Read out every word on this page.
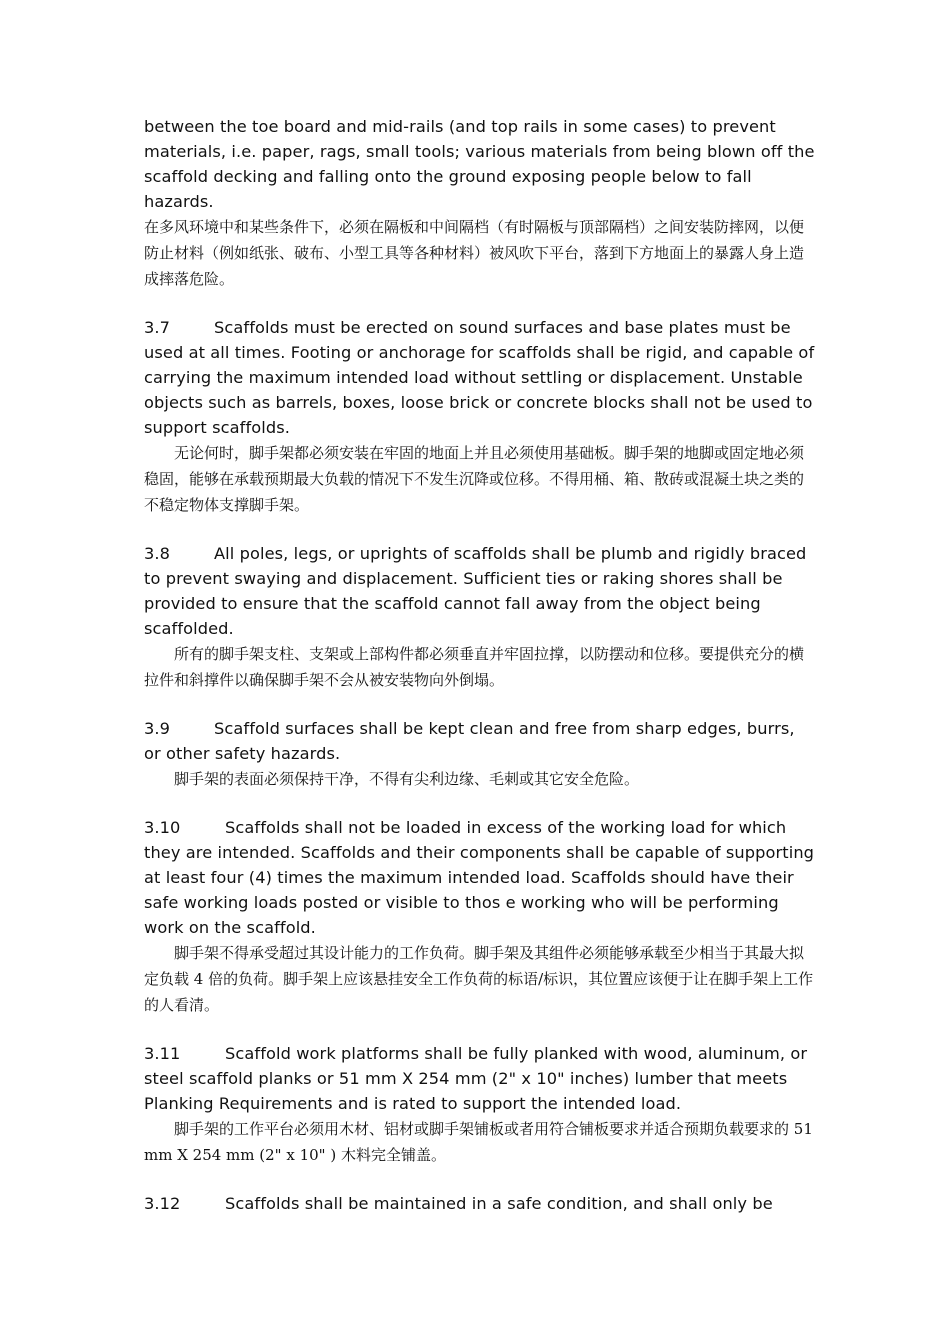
between the toe board and mid-rails (and top rails in some cases) to prevent materials, i.e. paper, rags, small tools; various materials from being blown off the scaffold decking and falling onto the ground exposing people below to fall hazards.

在多风环境中和某些条件下，必须在隔板和中间隔档（有时隔板与顶部隔档）之间安装防摔网，以便防止材料（例如纸张、破布、小型工具等各种材料）被风吹下平台，落到下方地面上的暴露人身上造成摔落危险。

3.7	Scaffolds must be erected on sound surfaces and base plates must be used at all times. Footing or anchorage for scaffolds shall be rigid, and capable of carrying the maximum intended load without settling or displacement. Unstable objects such as barrels, boxes, loose brick or concrete blocks shall not be used to support scaffolds.

无论何时，脚手架都必须安装在牢固的地面上并且必须使用基础板。脚手架的地脚或固定地必须稳固，能够在承载预期最大负载的情况下不发生沉降或位移。不得用桶、箱、散砖或混凝土块之类的不稳定物体支撑脚手架。

3.8	All poles, legs, or uprights of scaffolds shall be plumb and rigidly braced to prevent swaying and displacement. Sufficient ties or raking shores shall be provided to ensure that the scaffold cannot fall away from the object being scaffolded.

所有的脚手架支柱、支架或上部构件都必须垂直并牢固拉撑，以防摆动和位移。要提供充分的横拉件和斜撑件以确保脚手架不会从被安装物向外倒塌。

3.9	Scaffold surfaces shall be kept clean and free from sharp edges, burrs, or other safety hazards.

脚手架的表面必须保持干净，不得有尖利边缘、毛刺或其它安全危险。

3.10	Scaffolds shall not be loaded in excess of the working load for which they are intended. Scaffolds and their components shall be capable of supporting at least four (4) times the maximum intended load. Scaffolds should have their safe working loads posted or visible to thos e working who will be performing work on the scaffold.

脚手架不得承受超过其设计能力的工作负荷。脚手架及其组件必须能够承载至少相当于其最大拟定负载 4 倍的负荷。脚手架上应该悬挂安全工作负荷的标语/标识，其位置应该便于让在脚手架上工作的人看清。

3.11	Scaffold work platforms shall be fully planked with wood, aluminum, or steel scaffold planks or 51 mm X 254 mm (2" x 10" inches) lumber that meets Planking Requirements and is rated to support the intended load.

脚手架的工作平台必须用木材、铝材或脚手架铺板或者用符合铺板要求并适合预期负载要求的 51 mm X 254 mm (2" x 10" ) 木料完全铺盖。

3.12	Scaffolds shall be maintained in a safe condition, and shall only be
